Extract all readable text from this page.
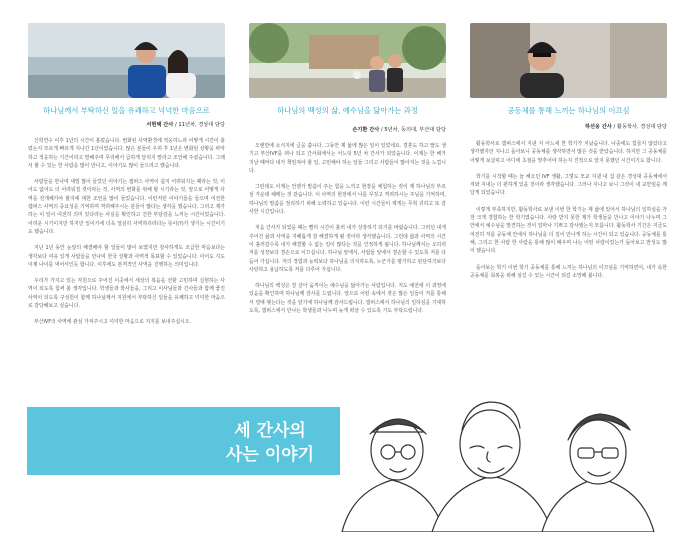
하나님께서 부탁하신 일을 유쾌하고 넉넉한 마음으로	하나님의 백성의 삶, 예수님을 닮아가는 과정	공동체를 통해 느끼는 하나님의 이끄심
서현택 간사 / 11년차, 경상대 담당
손기환 간사 / 5년차, 동의대, 부산대 담당	하선웅 간사 / 활동학사, 경성대 담당

신학연수 이후 1년의 시간이 흘렀습니다. 변화된 사역환경에 적응하느라 어떻게 시간이 흘렀는지 모르게 빠르게 지나간 1년이었습니다. 많은 분들이 우려 후 1년은 변화된 상황을 파악하고 적응하는 기간이라고 말해주며 무리해서 급하게 달리지 말라고 조언해 주셨습니다. 그래서 할 수 있는 한 사람을 많이 만나고, 이야기도 많이 들으려고 했습니다.

사람들을 만나며 세밀 많이 들었던 이야기는 캠퍼스 사역이 쉽지 어려워지는 때라는 것, 이어도 없어도 더 어려워질 것이라는 것, 사역의 변화를 위해 할 시기라는 것, 앞으로 어떻게 사역을 전개해가야 할지에 대한 조언을 많이 들었습니다. 이런저런 이야기들을 들으며 여전한 캠퍼스 사역의 중요성을 기억하며 격려해주시는 분들이 많다는 생각을 했습니다. 그리고 제가 하는 이 일이 여전히 의미 있다라는 사실을 확인하고 진한 부담감을 느끼는 시간이었습니다. 어려운 시기이지만 하지만 일이기에 더욱 열심히 사역하리라다는 뜻이(?)가 생기는 시간이기도 했습니다.

지난 1년 동안 눈앞의 해결해야 할 일들이 많이 보였지만 감사하게도 조급한 마음보다는 생각보다 여유 있게 사람들을 만나며 한국 상황과 사역적 목표할 수 있었습니다. 이어도 지도 이제 나이를 먹어서인듯 합니다. 이후에도 본격적인 사역을 진행하는 의미입니다.

우리가 가지고 있는 자원으로 주어진 이곳에서 세상의 복음을 전할 고민하며 실현하는 사역이 되도록 힘써 볼 생각입니다. 학생들과 학사들을, 그리고 이사님들과 간사들과 함께 좋진 사역이 되도록 구성원이 함께 하나님께서 지원에서 부탁하신 일들을 유쾌하고 넉넉한 마음으로 감당해보고 싶습니다.

부산IVF의 사역에 관심 가져주시고 넉넉한 마음으로 지지를 보내주십시오.

오랜만에 소식지에 글을 씁니다. 그동안 제 삶에 많은 일이 있었네요. 결혼도 하고 딸도 생기고 부산IVF를 떠나 되고 간사회에서는 어느덧 5년 차 간사가 되었습니다. 이제는 한 해가 지날 때마다 내가 책임져야 할 일, 고민해야 하는 일들 그리고 사람들이 많아지는 것을 느낍니다.

그런데도 이제는 언젠가 말씀이 주는 힘을 느끼고 현장을 체험하는 것이 제 하나님의 부르심 가운데 헤매는 것 같습니다. 이 사역의 현장에서 나를 꾸짖고 격려하시는 주님을 기억하며, 하나님의 말씀을 정리하기 위해 노력하고 있습니다. 이런 시간들이 제게는 무척 귀하고 또 감사한 시간입니다.

처음 간사가 되었을 때는 빨리 시간이 흘러 내가 성장하기 되기를 바랐습니다. 그러던 내게 주어진 삶과 사역을 지혜롭게 잘 해결하게 될 것이라 생각했습니다. 그런데 삶과 사역의 시간이 흘러갈수록 내가 해결할 수 없는 일이 많다는 것을 인정하게 됩니다. 하나님께서는 오히려 저를 성장보다 겸손으로 이끄십니다. 하나님 앞에서, 사람들 앞에서 겸손할 수 있도록 저를 다듬어 가십니다. 저의 경험과 능력보다 하나님을 의지하도록, 누군가를 평가하고 판단하기보다 사랑하고 용납하도록 저를 다루어 가십니다.

하나님의 백성은 잘 살아 움직이는 예수님을 닮아가는 사람입니다. 지도 예전에 이 과정에 있음을 확인하며 하나님께 감사를 드립니다. 앞으로 어떤 속에서 겪은 많은 일들이 저를 통해서 열매 맺는다는 것을 알기에 하나님께 감사드립니다. 캠퍼스에서 하나님의 일하심을 기대하도록, 캠퍼스에서 만나는 학생들과 나누며 늦게 떠날 수 있도록 기도 부탁드립니다.

활동학사로 캠퍼스에서 지낸 지 어느새 한 학기가 지났습니다. 나중에도 힘들지 않았다고 생각했지만 지나고 돌아보니 공동체를 생각하면서 많은 것을 받았습니다. 하지만 그 공동체를 어떻게 보살피고 어디에 초점을 맞추어야 하는지 진정으로 알지 못했던 시간이기도 합니다.

학기를 시작할 때는 늘 해오던 IVF 생활, 그렇도 모교 지낸 내 집 같은 경성대 공동체에서 저와 지내는 더 편하게 있을 것이라 생각했습니다. 그러나 지나고 보니 그것이 내 교만임을 깨달게 되었습니다.

이렇게 부족하지만, 활동학사로 보낸 이번 한 학기는 제 삶에 있어서 하나님의 일하심을 가장 크게 경험하는 한 학기였습니다. 사랑 받지 못한 제가 학생들을 만나고 이야기 나누며 그 안에서 예수님을 발견하는 것이 얼마나 기쁘고 감사했는지 모릅니다. 활동학사 기간은 지금도 여전히 저를 공동체 안에서 하나님을 더 깊이 만나게 하는 시간이 되고 있습니다. 공동체를 통해, 그리고 한 사람 한 사람을 통해 많이 배우며 나는 어떤 사람이었는가 돌아보고 반성도 많이 했습니다.

돌아보는 학기 이번 학기 공동체를 통해 느끼는 하나님의 이끄심을 기억하면서, 내가 속한 공동체를 회복을 위해 섬길 수 있는 시간이 되길 소망해 봅니다.

세 간사의
사는 이야기
